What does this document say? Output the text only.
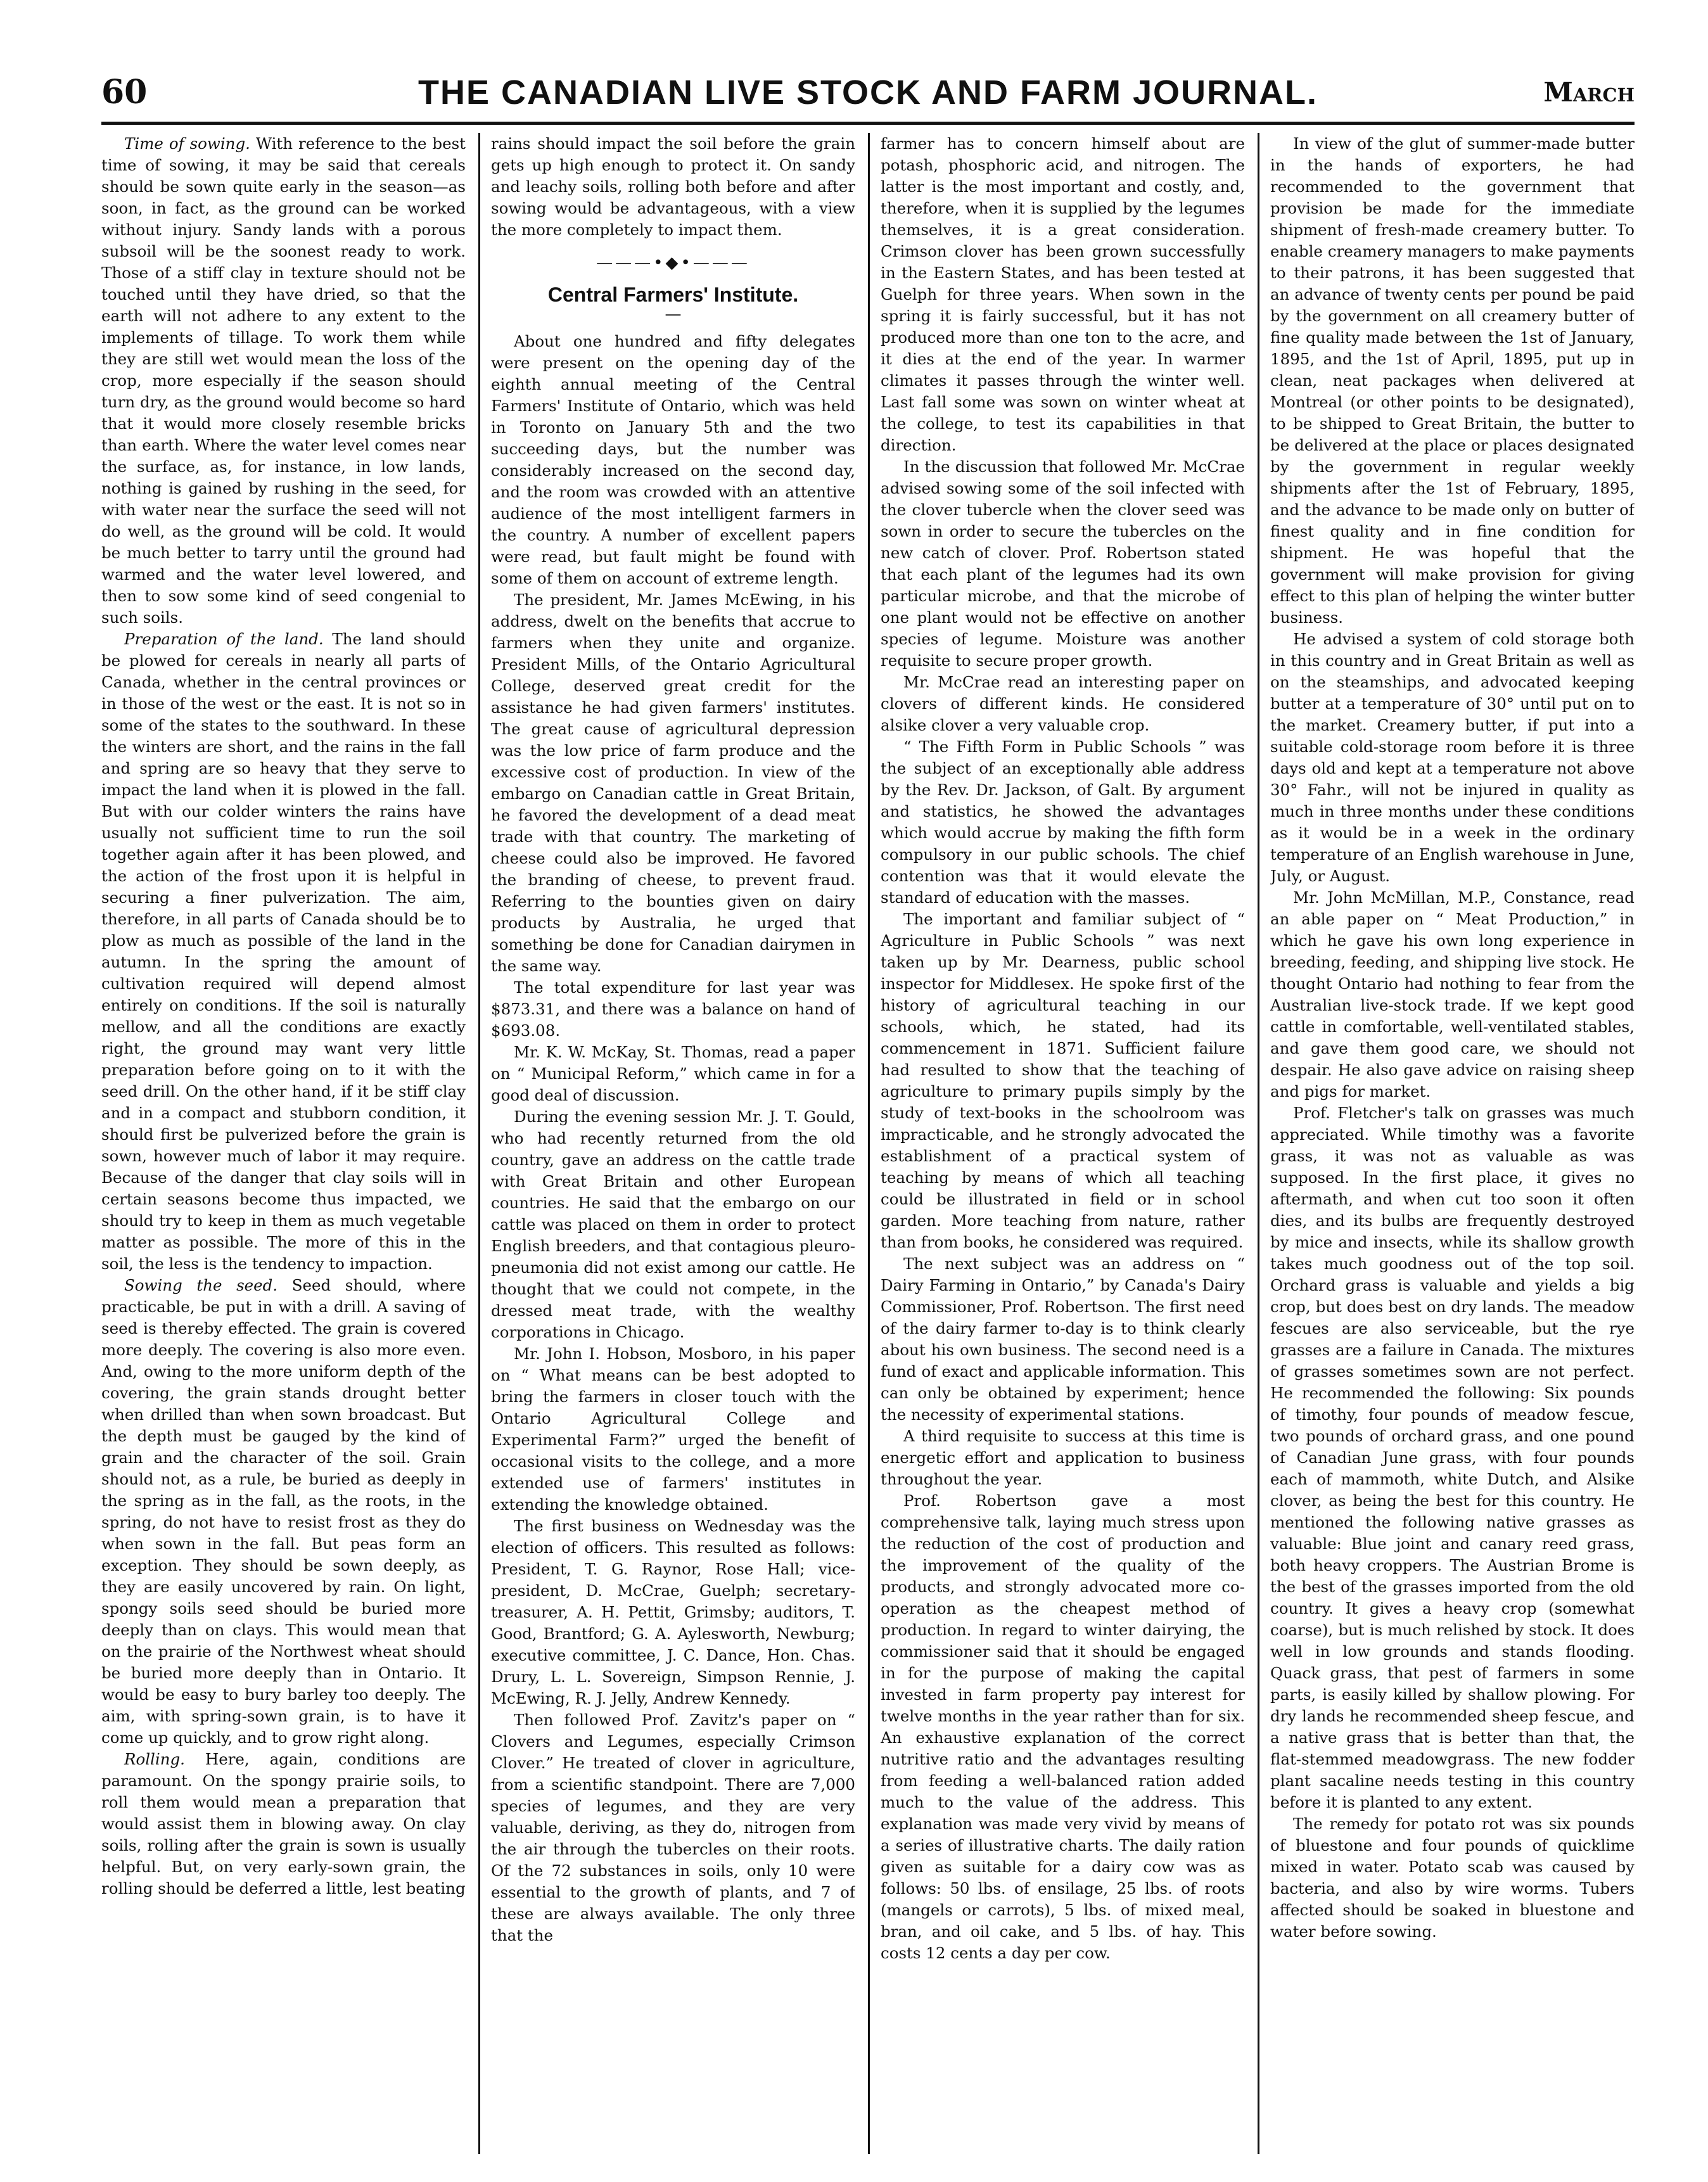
60	THE CANADIAN LIVE STOCK AND FARM JOURNAL.	March

Time of sowing. With reference to the best time of sowing, it may be said that cereals should be sown quite early in the season—as soon, in fact, as the ground can be worked without injury. Sandy lands with a porous subsoil will be the soonest ready to work. Those of a stiff clay in texture should not be touched until they have dried, so that the earth will not adhere to any extent to the implements of tillage. To work them while they are still wet would mean the loss of the crop, more especially if the season should turn dry, as the ground would become so hard that it would more closely resemble bricks than earth. Where the water level comes near the surface, as, for instance, in low lands, nothing is gained by rushing in the seed, for with water near the surface the seed will not do well, as the ground will be cold. It would be much better to tarry until the ground had warmed and the water level lowered, and then to sow some kind of seed congenial to such soils.

Preparation of the land. The land should be plowed for cereals in nearly all parts of Canada, whether in the central provinces or in those of the west or the east. It is not so in some of the states to the southward. In these the winters are short, and the rains in the fall and spring are so heavy that they serve to impact the land when it is plowed in the fall. But with our colder winters the rains have usually not sufficient time to run the soil together again after it has been plowed, and the action of the frost upon it is helpful in securing a finer pulverization. The aim, therefore, in all parts of Canada should be to plow as much as possible of the land in the autumn. In the spring the amount of cultivation required will depend almost entirely on conditions. If the soil is naturally mellow, and all the conditions are exactly right, the ground may want very little preparation before going on to it with the seed drill. On the other hand, if it be stiff clay and in a compact and stubborn condition, it should first be pulverized before the grain is sown, however much of labor it may require. Because of the danger that clay soils will in certain seasons become thus impacted, we should try to keep in them as much vegetable matter as possible. The more of this in the soil, the less is the tendency to impaction.

Sowing the seed. Seed should, where practicable, be put in with a drill. A saving of seed is thereby effected. The grain is covered more deeply. The covering is also more even. And, owing to the more uniform depth of the covering, the grain stands drought better when drilled than when sown broadcast. But the depth must be gauged by the kind of grain and the character of the soil. Grain should not, as a rule, be buried as deeply in the spring as in the fall, as the roots, in the spring, do not have to resist frost as they do when sown in the fall. But peas form an exception. They should be sown deeply, as they are easily uncovered by rain. On light, spongy soils seed should be buried more deeply than on clays. This would mean that on the prairie of the Northwest wheat should be buried more deeply than in Ontario. It would be easy to bury barley too deeply. The aim, with spring-sown grain, is to have it come up quickly, and to grow right along.

Rolling. Here, again, conditions are paramount. On the spongy prairie soils, to roll them would mean a preparation that would assist them in blowing away. On clay soils, rolling after the grain is sown is usually helpful. But, on very early-sown grain, the rolling should be deferred a little, lest beating

rains should impact the soil before the grain gets up high enough to protect it. On sandy and leachy soils, rolling both before and after sowing would be advantageous, with a view the more completely to impact them.

———•◆•———
Central Farmers' Institute.
—

About one hundred and fifty delegates were present on the opening day of the eighth annual meeting of the Central Farmers' Institute of Ontario, which was held in Toronto on January 5th and the two succeeding days, but the number was considerably increased on the second day, and the room was crowded with an attentive audience of the most intelligent farmers in the country. A number of excellent papers were read, but fault might be found with some of them on account of extreme length.

The president, Mr. James McEwing, in his address, dwelt on the benefits that accrue to farmers when they unite and organize. President Mills, of the Ontario Agricultural College, deserved great credit for the assistance he had given farmers' institutes. The great cause of agricultural depression was the low price of farm produce and the excessive cost of production. In view of the embargo on Canadian cattle in Great Britain, he favored the development of a dead meat trade with that country. The marketing of cheese could also be improved. He favored the branding of cheese, to prevent fraud. Referring to the bounties given on dairy products by Australia, he urged that something be done for Canadian dairymen in the same way.

The total expenditure for last year was $873.31, and there was a balance on hand of $693.08.

Mr. K. W. McKay, St. Thomas, read a paper on “ Municipal Reform,” which came in for a good deal of discussion.

During the evening session Mr. J. T. Gould, who had recently returned from the old country, gave an address on the cattle trade with Great Britain and other European countries. He said that the embargo on our cattle was placed on them in order to protect English breeders, and that contagious pleuro-pneumonia did not exist among our cattle. He thought that we could not compete, in the dressed meat trade, with the wealthy corporations in Chicago.

Mr. John I. Hobson, Mosboro, in his paper on “ What means can be best adopted to bring the farmers in closer touch with the Ontario Agricultural College and Experimental Farm?” urged the benefit of occasional visits to the college, and a more extended use of farmers' institutes in extending the knowledge obtained.

The first business on Wednesday was the election of officers. This resulted as follows: President, T. G. Raynor, Rose Hall; vice-president, D. McCrae, Guelph; secretary-treasurer, A. H. Pettit, Grimsby; auditors, T. Good, Brantford; G. A. Aylesworth, Newburg; executive committee, J. C. Dance, Hon. Chas. Drury, L. L. Sovereign, Simpson Rennie, J. McEwing, R. J. Jelly, Andrew Kennedy.

Then followed Prof. Zavitz's paper on “ Clovers and Legumes, especially Crimson Clover.” He treated of clover in agriculture, from a scientific standpoint. There are 7,000 species of legumes, and they are very valuable, deriving, as they do, nitrogen from the air through the tubercles on their roots. Of the 72 substances in soils, only 10 were essential to the growth of plants, and 7 of these are always available. The only three that the

farmer has to concern himself about are potash, phosphoric acid, and nitrogen. The latter is the most important and costly, and, therefore, when it is supplied by the legumes themselves, it is a great consideration. Crimson clover has been grown successfully in the Eastern States, and has been tested at Guelph for three years. When sown in the spring it is fairly successful, but it has not produced more than one ton to the acre, and it dies at the end of the year. In warmer climates it passes through the winter well. Last fall some was sown on winter wheat at the college, to test its capabilities in that direction.

In the discussion that followed Mr. McCrae advised sowing some of the soil infected with the clover tubercle when the clover seed was sown in order to secure the tubercles on the new catch of clover. Prof. Robertson stated that each plant of the legumes had its own particular microbe, and that the microbe of one plant would not be effective on another species of legume. Moisture was another requisite to secure proper growth.

Mr. McCrae read an interesting paper on clovers of different kinds. He considered alsike clover a very valuable crop.

“ The Fifth Form in Public Schools ” was the subject of an exceptionally able address by the Rev. Dr. Jackson, of Galt. By argument and statistics, he showed the advantages which would accrue by making the fifth form compulsory in our public schools. The chief contention was that it would elevate the standard of education with the masses.

The important and familiar subject of “ Agriculture in Public Schools ” was next taken up by Mr. Dearness, public school inspector for Middlesex. He spoke first of the history of agricultural teaching in our schools, which, he stated, had its commencement in 1871. Sufficient failure had resulted to show that the teaching of agriculture to primary pupils simply by the study of text-books in the schoolroom was impracticable, and he strongly advocated the establishment of a practical system of teaching by means of which all teaching could be illustrated in field or in school garden. More teaching from nature, rather than from books, he considered was required.

The next subject was an address on “ Dairy Farming in Ontario,” by Canada's Dairy Commissioner, Prof. Robertson. The first need of the dairy farmer to-day is to think clearly about his own business. The second need is a fund of exact and applicable information. This can only be obtained by experiment; hence the necessity of experimental stations.

A third requisite to success at this time is energetic effort and application to business throughout the year.

Prof. Robertson gave a most comprehensive talk, laying much stress upon the reduction of the cost of production and the improvement of the quality of the products, and strongly advocated more co-operation as the cheapest method of production. In regard to winter dairying, the commissioner said that it should be engaged in for the purpose of making the capital invested in farm property pay interest for twelve months in the year rather than for six. An exhaustive explanation of the correct nutritive ratio and the advantages resulting from feeding a well-balanced ration added much to the value of the address. This explanation was made very vivid by means of a series of illustrative charts. The daily ration given as suitable for a dairy cow was as follows: 50 lbs. of ensilage, 25 lbs. of roots (mangels or carrots), 5 lbs. of mixed meal, bran, and oil cake, and 5 lbs. of hay. This costs 12 cents a day per cow.

In view of the glut of summer-made butter in the hands of exporters, he had recommended to the government that provision be made for the immediate shipment of fresh-made creamery butter. To enable creamery managers to make payments to their patrons, it has been suggested that an advance of twenty cents per pound be paid by the government on all creamery butter of fine quality made between the 1st of January, 1895, and the 1st of April, 1895, put up in clean, neat packages when delivered at Montreal (or other points to be designated), to be shipped to Great Britain, the butter to be delivered at the place or places designated by the government in regular weekly shipments after the 1st of February, 1895, and the advance to be made only on butter of finest quality and in fine condition for shipment. He was hopeful that the government will make provision for giving effect to this plan of helping the winter butter business.

He advised a system of cold storage both in this country and in Great Britain as well as on the steamships, and advocated keeping butter at a temperature of 30° until put on to the market. Creamery butter, if put into a suitable cold-storage room before it is three days old and kept at a temperature not above 30° Fahr., will not be injured in quality as much in three months under these conditions as it would be in a week in the ordinary temperature of an English warehouse in June, July, or August.

Mr. John McMillan, M.P., Constance, read an able paper on “ Meat Production,” in which he gave his own long experience in breeding, feeding, and shipping live stock. He thought Ontario had nothing to fear from the Australian live-stock trade. If we kept good cattle in comfortable, well-ventilated stables, and gave them good care, we should not despair. He also gave advice on raising sheep and pigs for market.

Prof. Fletcher's talk on grasses was much appreciated. While timothy was a favorite grass, it was not as valuable as was supposed. In the first place, it gives no aftermath, and when cut too soon it often dies, and its bulbs are frequently destroyed by mice and insects, while its shallow growth takes much goodness out of the top soil. Orchard grass is valuable and yields a big crop, but does best on dry lands. The meadow fescues are also serviceable, but the rye grasses are a failure in Canada. The mixtures of grasses sometimes sown are not perfect. He recommended the following: Six pounds of timothy, four pounds of meadow fescue, two pounds of orchard grass, and one pound of Canadian June grass, with four pounds each of mammoth, white Dutch, and Alsike clover, as being the best for this country. He mentioned the following native grasses as valuable: Blue joint and canary reed grass, both heavy croppers. The Austrian Brome is the best of the grasses imported from the old country. It gives a heavy crop (somewhat coarse), but is much relished by stock. It does well in low grounds and stands flooding. Quack grass, that pest of farmers in some parts, is easily killed by shallow plowing. For dry lands he recommended sheep fescue, and a native grass that is better than that, the flat-stemmed meadowgrass. The new fodder plant sacaline needs testing in this country before it is planted to any extent.

The remedy for potato rot was six pounds of bluestone and four pounds of quicklime mixed in water. Potato scab was caused by bacteria, and also by wire worms. Tubers affected should be soaked in bluestone and water before sowing.
